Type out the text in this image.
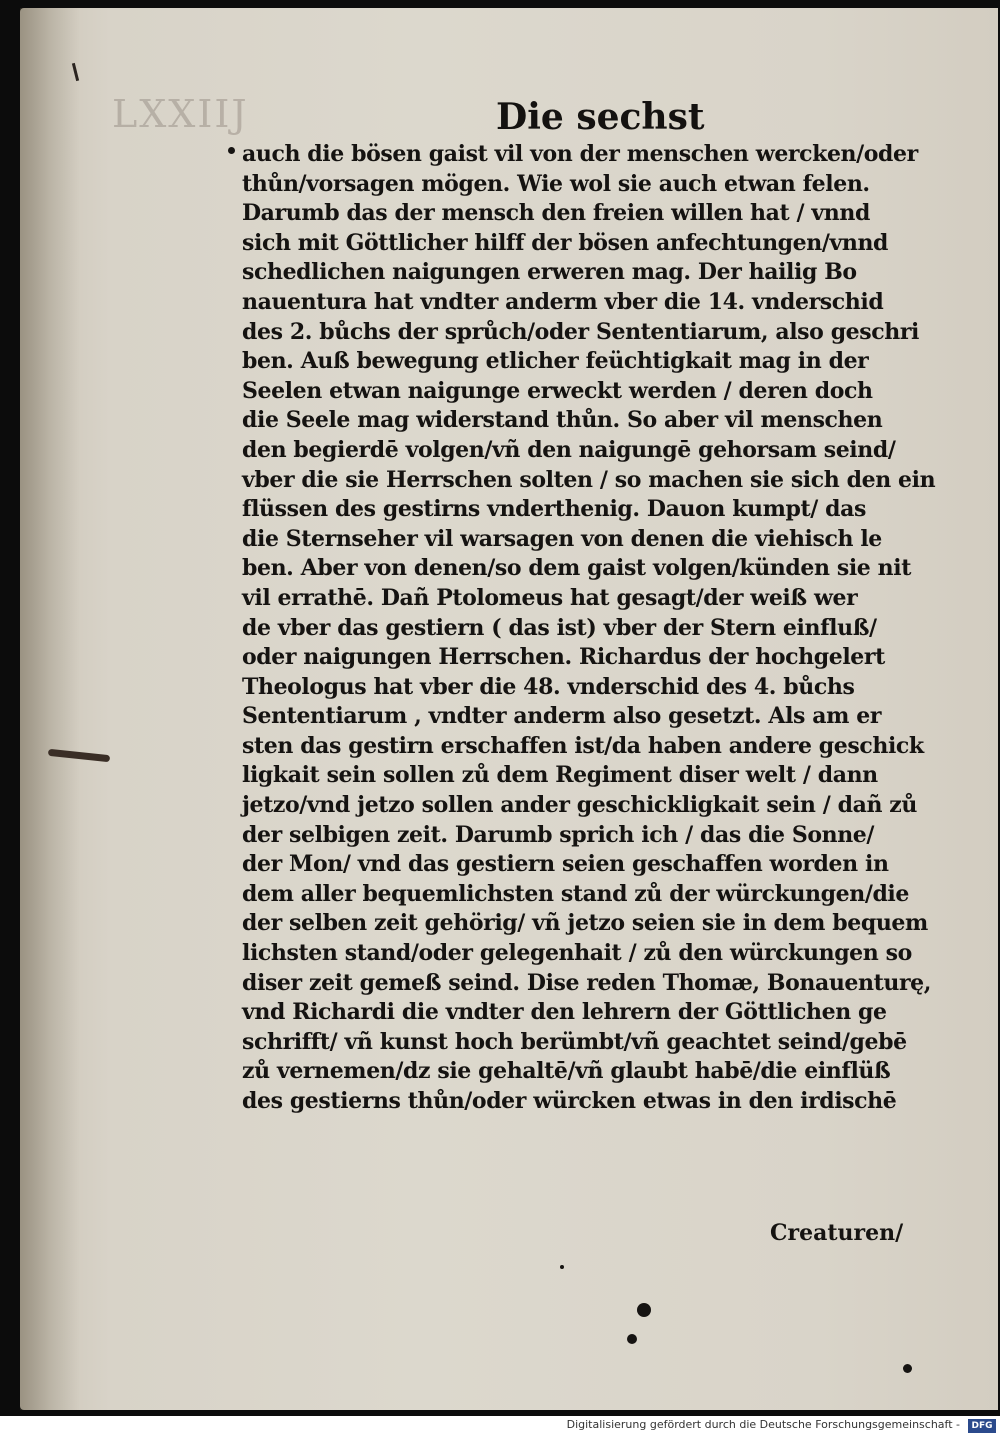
LXXIIJ	Die sechst
auch die bösen gaist vil von der menschen wercken/oder
thůn/vorsagen mögen. Wie wol sie auch etwan felen.
Darumb das der mensch den freien willen hat / vnnd
sich mit Göttlicher hilff der bösen anfechtungen/vnnd
schedlichen naigungen erweren mag. Der hailig Bo
nauentura hat vndter anderm vber die 14. vnderschid
des 2. bůchs der sprůch/oder Sententiarum, also geschri
ben. Auß bewegung etlicher feüchtigkait mag in der
Seelen etwan naigunge erweckt werden / deren doch
die Seele mag widerstand thůn. So aber vil menschen
den begierdē volgen/vñ den naigungē gehorsam seind/
vber die sie Herrschen solten / so machen sie sich den ein
flüssen des gestirns vnderthenig. Dauon kumpt/ das
die Sternseher vil warsagen von denen die viehisch le
ben. Aber von denen/so dem gaist volgen/künden sie nit
vil errathē. Dañ Ptolomeus hat gesagt/der weiß wer
de vber das gestiern ( das ist) vber der Stern einfluß/
oder naigungen Herrschen. Richardus der hochgelert
Theologus hat vber die 48. vnderschid des 4. bůchs
Sententiarum , vndter anderm also gesetzt. Als am er
sten das gestirn erschaffen ist/da haben andere geschick
ligkait sein sollen zů dem Regiment diser welt / dann
jetzo/vnd jetzo sollen ander geschickligkait sein / dañ zů
der selbigen zeit. Darumb sprich ich / das die Sonne/
der Mon/ vnd das gestiern seien geschaffen worden in
dem aller bequemlichsten stand zů der würckungen/die
der selben zeit gehörig/ vñ jetzo seien sie in dem bequem
lichsten stand/oder gelegenhait / zů den würckungen so
diser zeit gemeß seind. Dise reden Thomæ, Bonauenturę,
vnd Richardi die vndter den lehrern der Göttlichen ge
schrifft/ vñ kunst hoch berümbt/vñ geachtet seind/gebē
zů vernemen/dz sie gehaltē/vñ glaubt habē/die einflüß
des gestierns thůn/oder würcken etwas in den irdischē
Creaturen/
Digitalisierung gefördert durch die Deutsche Forschungsgemeinschaft -	DFG
